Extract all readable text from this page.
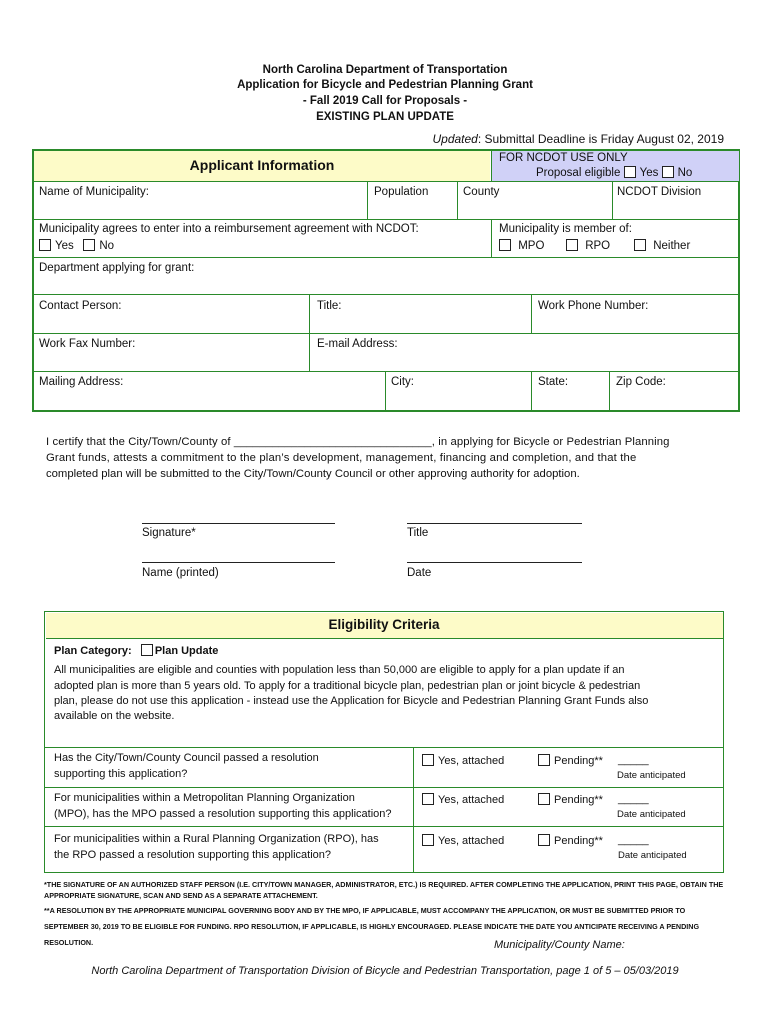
North Carolina Department of Transportation
Application for Bicycle and Pedestrian Planning Grant
- Fall 2019 Call for Proposals -
EXISTING PLAN UPDATE
Updated: Submittal Deadline is Friday August 02, 2019
Applicant Information	FOR NCDOT USE ONLY
Proposal eligible Yes No
Name of Municipality:	Population	County	NCDOT Division
Municipality agrees to enter into a reimbursement agreement with NCDOT:
Yes No
Municipality is member of:
MPO	RPO	Neither
Department applying for grant:
Contact Person:	Title:	Work Phone Number:
Work Fax Number:	E-mail Address:
Mailing Address:	City:	State:	Zip Code:
I certify that the City/Town/County of _______________________________, in applying for Bicycle or Pedestrian Planning
Grant funds, attests a commitment to the plan’s development, management, financing and completion, and that the
completed plan will be submitted to the City/Town/County Council or other approving authority for adoption.
Signature*	Title
Name (printed)	Date
Eligibility Criteria
Plan Category: Plan Update
All municipalities are eligible and counties with population less than 50,000 are eligible to apply for a plan update if an
adopted plan is more than 5 years old. To apply for a traditional bicycle plan, pedestrian plan or joint bicycle & pedestrian
plan, please do not use this application - instead use the Application for Bicycle and Pedestrian Planning Grant Funds also
available on the website.
Has the City/Town/County Council passed a resolution
supporting this application?
Yes, attached	Pending** _____
Date anticipated
For municipalities within a Metropolitan Planning Organization
(MPO), has the MPO passed a resolution supporting this application?
Yes, attached	Pending** _____
Date anticipated
For municipalities within a Rural Planning Organization (RPO), has
the RPO passed a resolution supporting this application?
Yes, attached	Pending** _____
Date anticipated
*THE SIGNATURE OF AN AUTHORIZED STAFF PERSON (I.E. CITY/TOWN MANAGER, ADMINISTRATOR, ETC.) IS REQUIRED. AFTER COMPLETING THE APPLICATION, PRINT THIS PAGE, OBTAIN THE
APPROPRIATE SIGNATURE, SCAN AND SEND AS A SEPARATE ATTACHEMENT.
**A RESOLUTION BY THE APPROPRIATE MUNICIPAL GOVERNING BODY AND BY THE MPO, IF APPLICABLE, MUST ACCOMPANY THE APPLICATION, OR MUST BE SUBMITTED PRIOR TO
SEPTEMBER 30, 2019 TO BE ELIGIBLE FOR FUNDING. RPO RESOLUTION, IF APPLICABLE, IS HIGHLY ENCOURAGED. PLEASE INDICATE THE DATE YOU ANTICIPATE RECEIVING A PENDING
RESOLUTION.	Municipality/County Name:
North Carolina Department of Transportation Division of Bicycle and Pedestrian Transportation, page 1 of 5 – 05/03/2019
